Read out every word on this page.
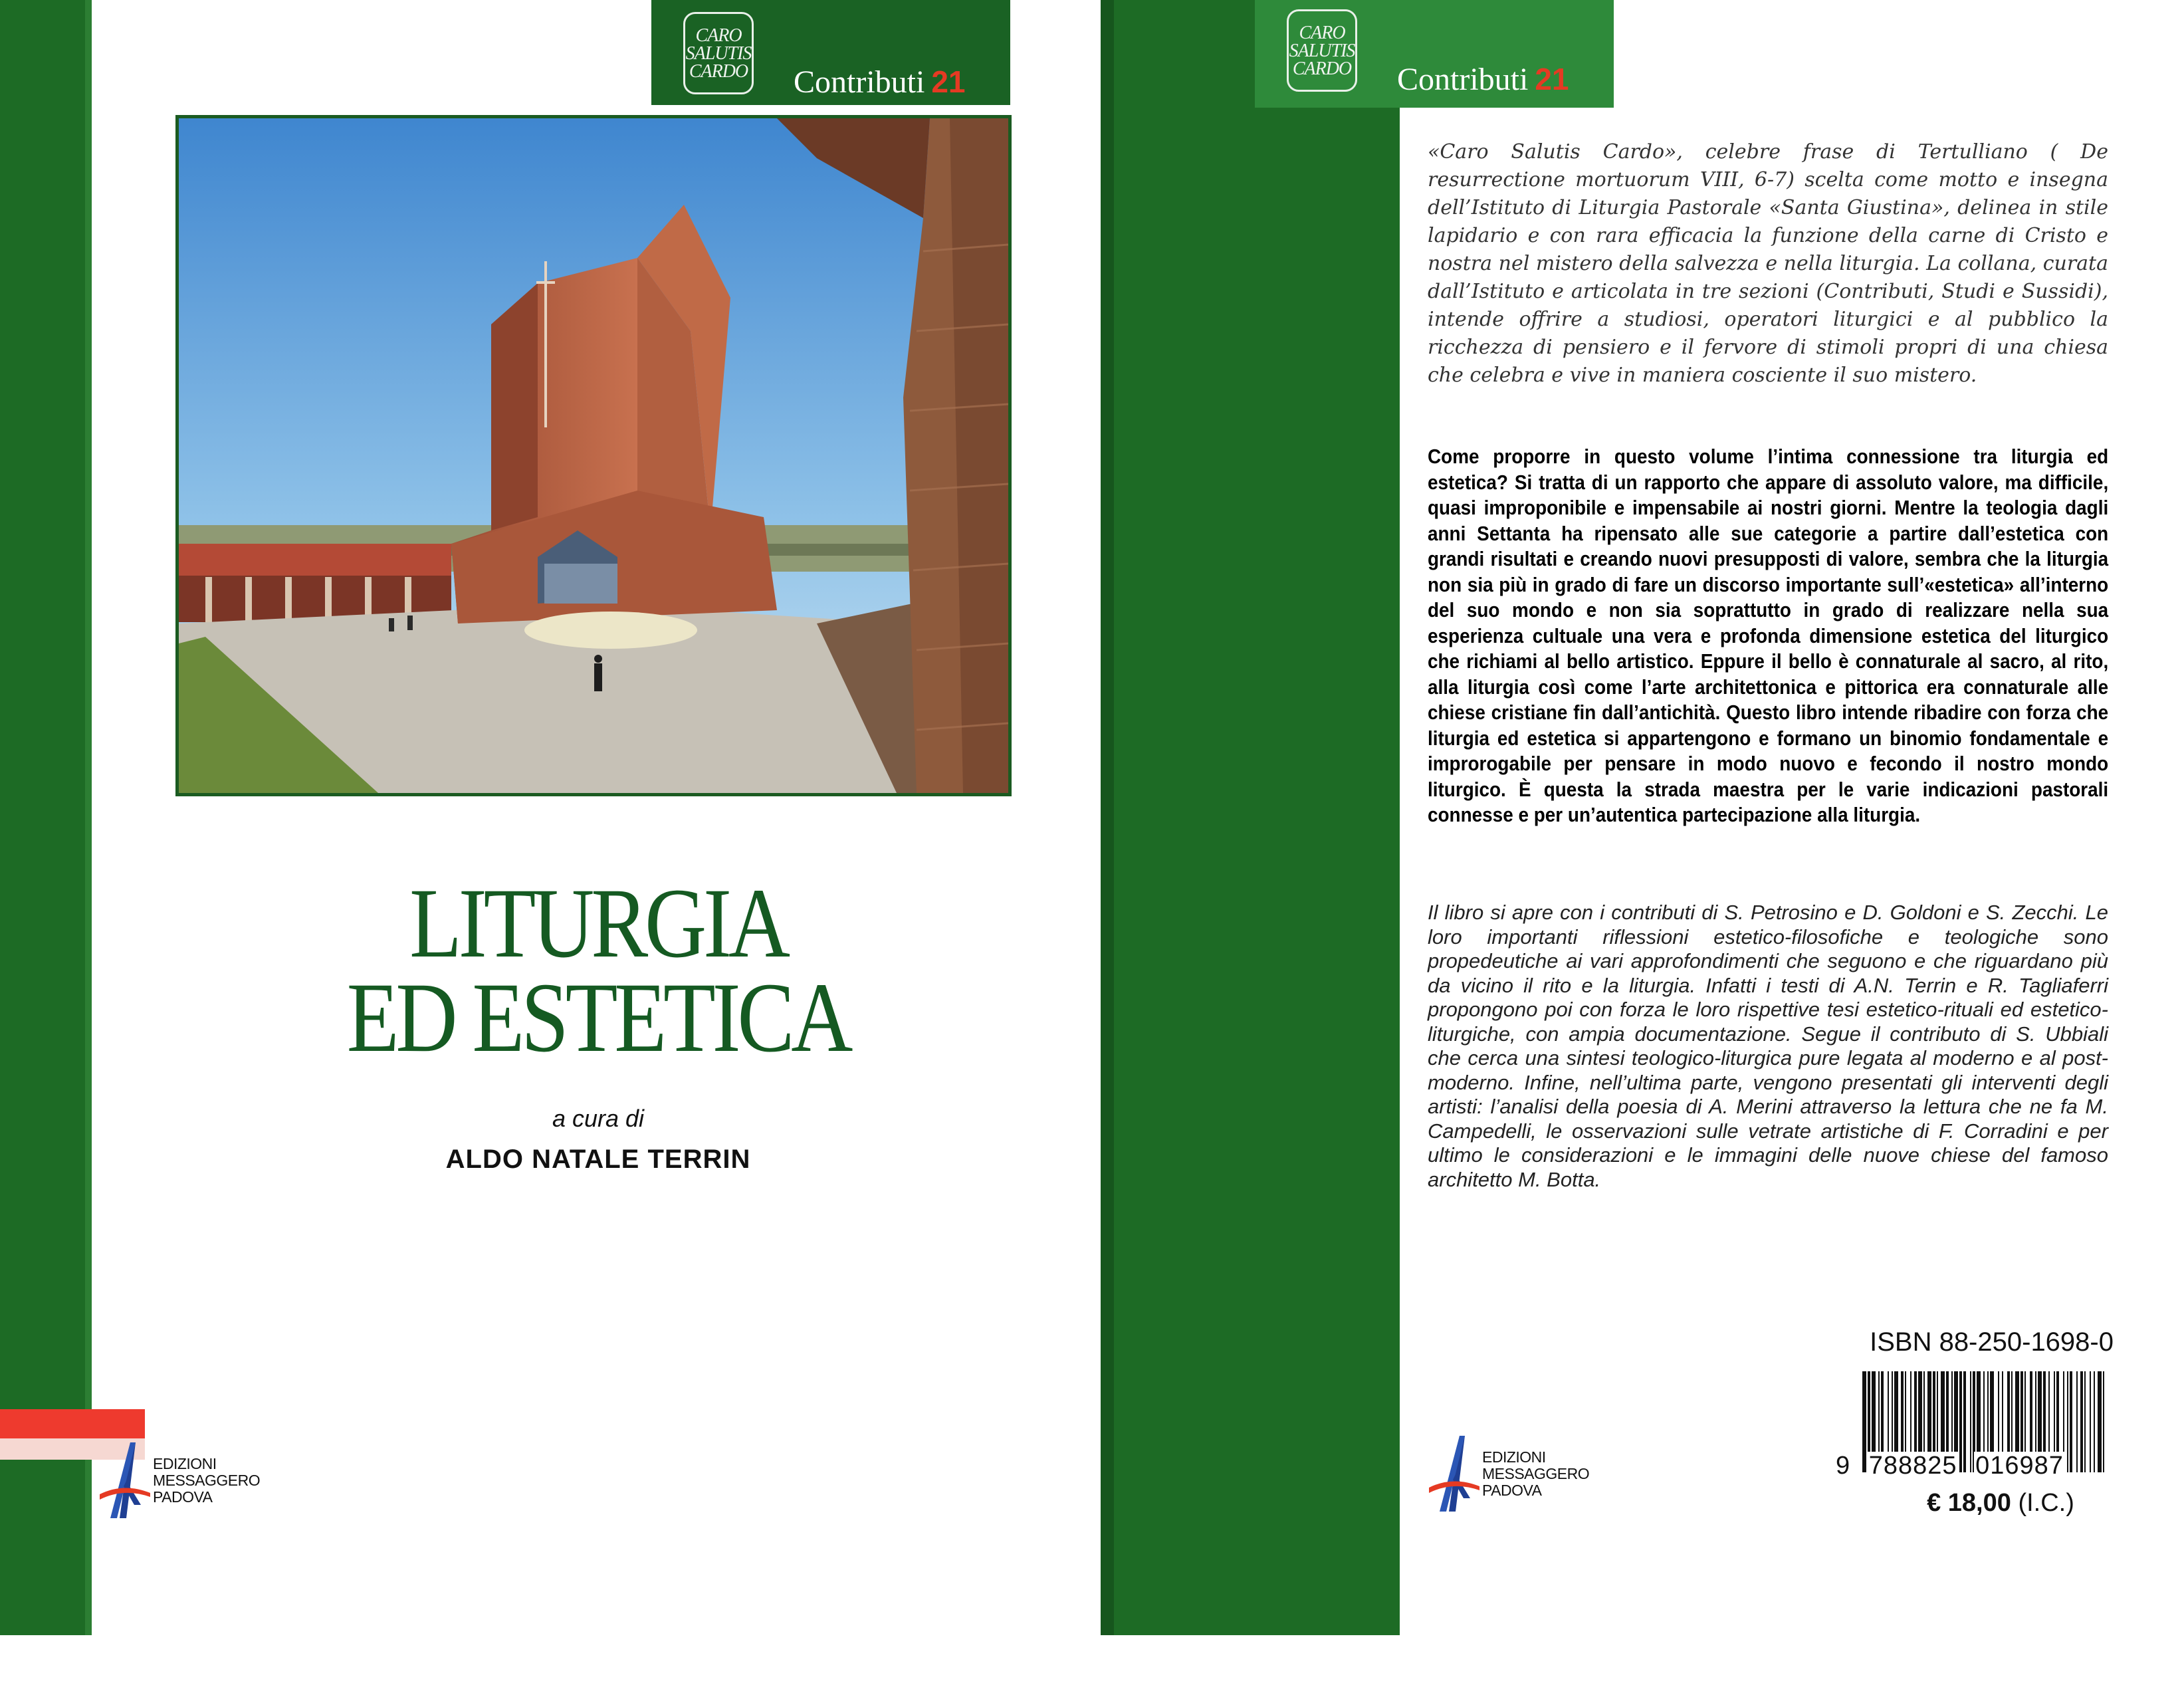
CARO
SALUTIS
CARDO Contributi 21
LITURGIA
ED ESTETICA
a cura di
ALDO NATALE TERRIN
EDIZIONI
MESSAGGERO
PADOVA
CARO
SALUTIS
CARDO Contributi 21

«Caro Salutis Cardo», celebre frase di Tertulliano ( De resurrectione mortuorum VIII, 6-7) scelta come motto e insegna dell’Istituto di Liturgia Pastorale «Santa Giustina», delinea in stile lapidario e con rara efficacia la funzione della carne di Cristo e nostra nel mistero della salvezza e nella liturgia. La collana, curata dall’Istituto e articolata in tre sezioni (Contributi, Studi e Sussidi), intende offrire a studiosi, operatori liturgici e al pubblico la ricchezza di pensiero e il fervore di stimoli propri di una chiesa che celebra e vive in maniera cosciente il suo mistero.

Come proporre in questo volume l’intima connessione tra liturgia ed estetica? Si tratta di un rapporto che appare di assoluto valore, ma difficile, quasi improponibile e impensabile ai nostri giorni. Mentre la teologia dagli anni Settanta ha ripensato alle sue categorie a partire dall’estetica con grandi risultati e creando nuovi presupposti di valore, sembra che la liturgia non sia più in grado di fare un discorso importante sull’«estetica» all’interno del suo mondo e non sia soprattutto in grado di realizzare nella sua esperienza cultuale una vera e profonda dimensione estetica del liturgico che richiami al bello artistico. Eppure il bello è connaturale al sacro, al rito, alla liturgia così come l’arte architettonica e pittorica era connaturale alle chiese cristiane fin dall’antichità. Questo libro intende ribadire con forza che liturgia ed estetica si appartengono e formano un binomio fondamentale e improrogabile per pensare in modo nuovo e fecondo il nostro mondo liturgico. È questa la strada maestra per le varie indicazioni pastorali connesse e per un’autentica partecipazione alla liturgia.

Il libro si apre con i contributi di S. Petrosino e D. Goldoni e S. Zecchi. Le loro importanti riflessioni estetico-filosofiche e teologiche sono propedeutiche ai vari approfondimenti che seguono e che riguardano più da vicino il rito e la liturgia. Infatti i testi di A.N. Terrin e R. Tagliaferri propongono poi con forza le loro rispettive tesi estetico-rituali ed estetico-liturgiche, con ampia documentazione. Segue il contributo di S. Ubbiali che cerca una sintesi teologico-liturgica pure legata al moderno e al post-moderno. Infine, nell’ultima parte, vengono presentati gli interventi degli artisti: l’analisi della poesia di A. Merini attraverso la lettura che ne fa M. Campedelli, le osservazioni sulle vetrate artistiche di F. Corradini e per ultimo le considerazioni e le immagini delle nuove chiese del famoso architetto M. Botta.

EDIZIONI
MESSAGGERO
PADOVA
ISBN 88-250-1698-0
9 788825 016987
€ 18,00 (I.C.)
